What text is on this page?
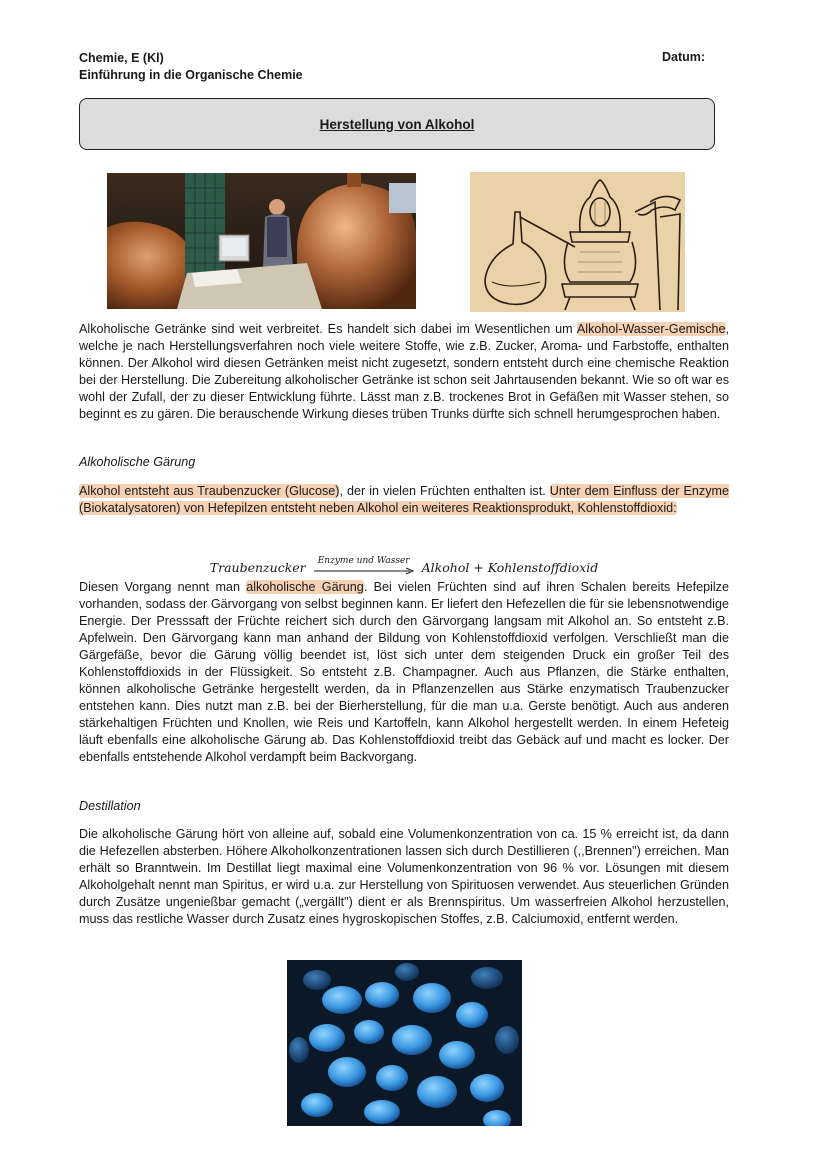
Chemie, E (Kl)
Einführung in die Organische Chemie
Datum:
Herstellung von Alkohol

Alkoholische Getränke sind weit verbreitet. Es handelt sich dabei im Wesentlichen um Alkohol-Wasser-Gemische, welche je nach Herstellungsverfahren noch viele weitere Stoffe, wie z.B. Zucker, Aroma- und Farbstoffe, enthalten können. Der Alkohol wird diesen Getränken meist nicht zugesetzt, sondern entsteht durch eine chemische Reaktion bei der Herstellung. Die Zubereitung alkoholischer Getränke ist schon seit Jahrtausenden bekannt. Wie so oft war es wohl der Zufall, der zu dieser Entwicklung führte. Lässt man z.B. trockenes Brot in Gefäßen mit Wasser stehen, so beginnt es zu gären. Die berauschende Wirkung dieses trüben Trunks dürfte sich schnell herumgesprochen haben.

Alkoholische Gärung

Alkohol entsteht aus Traubenzucker (Glucose), der in vielen Früchten enthalten ist. Unter dem Einfluss der Enzyme (Biokatalysatoren) von Hefepilzen entsteht neben Alkohol ein weiteres Reaktionsprodukt, Kohlenstoffdioxid:

Traubenzucker Enzyme und Wasser Alkohol + Kohlenstoffdioxid

Diesen Vorgang nennt man alkoholische Gärung. Bei vielen Früchten sind auf ihren Schalen bereits Hefepilze vorhanden, sodass der Gärvorgang von selbst beginnen kann. Er liefert den Hefezellen die für sie lebensnotwendige Energie. Der Presssaft der Früchte reichert sich durch den Gärvorgang langsam mit Alkohol an. So entsteht z.B. Apfelwein. Den Gärvorgang kann man anhand der Bildung von Kohlenstoffdioxid verfolgen. Verschließt man die Gärgefäße, bevor die Gärung völlig beendet ist, löst sich unter dem steigenden Druck ein großer Teil des Kohlenstoffdioxids in der Flüssigkeit. So entsteht z.B. Champagner. Auch aus Pflanzen, die Stärke enthalten, können alkoholische Getränke hergestellt werden, da in Pflanzenzellen aus Stärke enzymatisch Traubenzucker entstehen kann. Dies nutzt man z.B. bei der Bierherstellung, für die man u.a. Gerste benötigt. Auch aus anderen stärkehaltigen Früchten und Knollen, wie Reis und Kartoffeln, kann Alkohol hergestellt werden. In einem Hefeteig läuft ebenfalls eine alkoholische Gärung ab. Das Kohlenstoffdioxid treibt das Gebäck auf und macht es locker. Der ebenfalls entstehende Alkohol verdampft beim Backvorgang.

Destillation

Die alkoholische Gärung hört von alleine auf, sobald eine Volumenkonzentration von ca. 15 % erreicht ist, da dann die Hefezellen absterben. Höhere Alkoholkonzentrationen lassen sich durch Destillieren (,,Brennen") erreichen. Man erhält so Branntwein. Im Destillat liegt maximal eine Volumenkonzentration von 96 % vor. Lösungen mit diesem Alkoholgehalt nennt man Spiritus, er wird u.a. zur Herstellung von Spirituosen verwendet. Aus steuerlichen Gründen durch Zusätze ungenießbar gemacht („vergällt") dient er als Brennspiritus. Um wasserfreien Alkohol herzustellen, muss das restliche Wasser durch Zusatz eines hygroskopischen Stoffes, z.B. Calciumoxid, entfernt werden.
